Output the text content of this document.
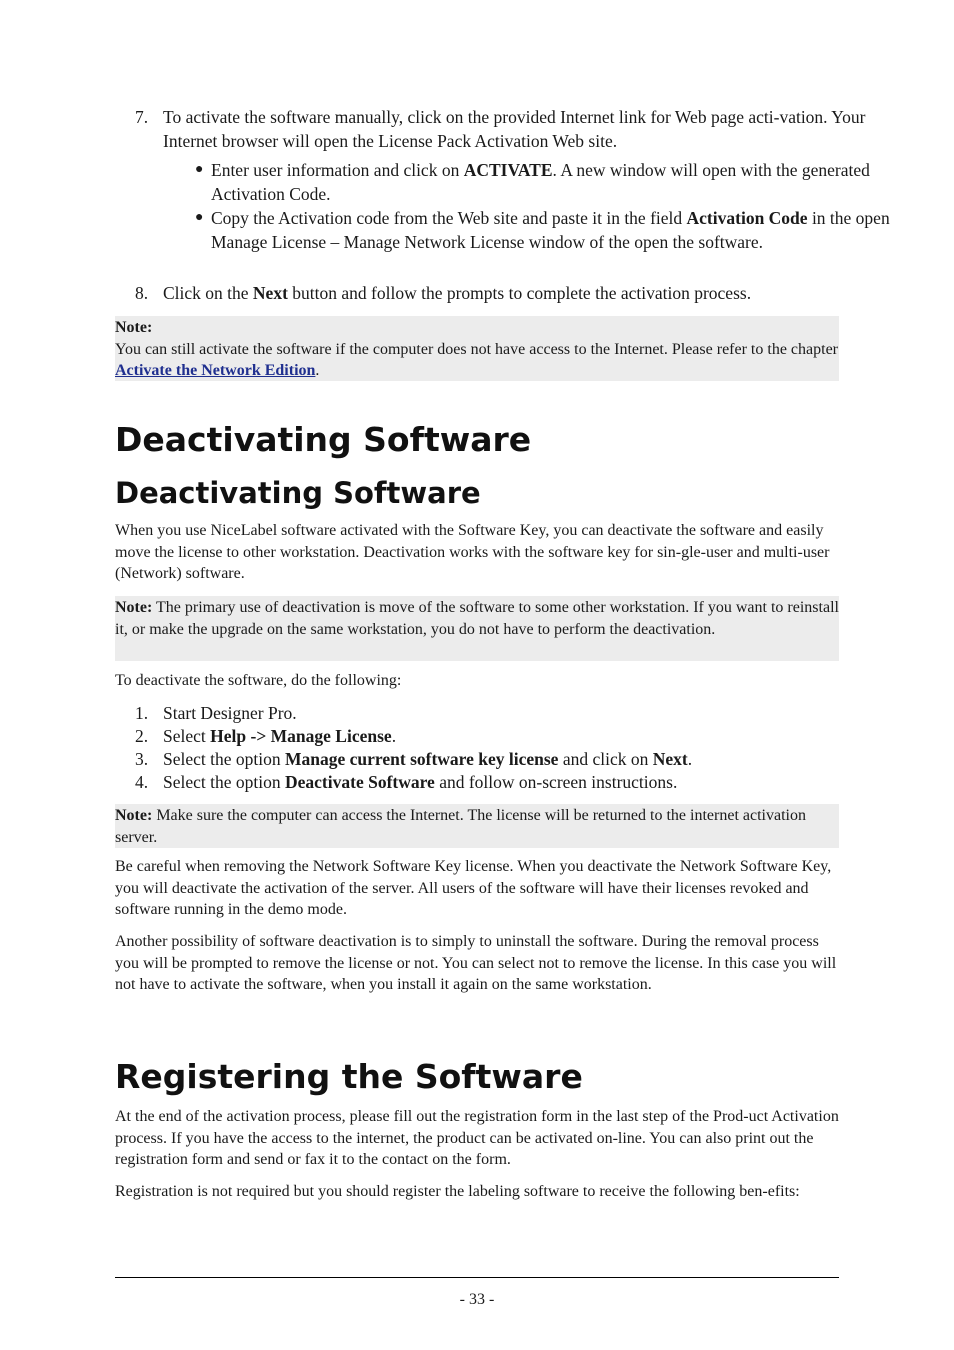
7. To activate the software manually, click on the provided Internet link for Web page acti-vation. Your Internet browser will open the License Pack Activation Web site.
● Enter user information and click on ACTIVATE. A new window will open with the generated Activation Code.
● Copy the Activation code from the Web site and paste it in the field Activation Code in the open Manage License – Manage Network License window of the open the software.
8. Click on the Next button and follow the prompts to complete the activation process.
Note:
You can still activate the software if the computer does not have access to the Internet. Please refer to the chapter Activate the Network Edition.
Deactivating Software
Deactivating Software
When you use NiceLabel software activated with the Software Key, you can deactivate the software and easily move the license to other workstation. Deactivation works with the software key for sin-gle-user and multi-user (Network) software.
Note: The primary use of deactivation is move of the software to some other workstation. If you want to reinstall it, or make the upgrade on the same workstation, you do not have to perform the deactivation.
To deactivate the software, do the following:
1. Start Designer Pro.
2. Select Help -> Manage License.
3. Select the option Manage current software key license and click on Next.
4. Select the option Deactivate Software and follow on-screen instructions.
Note: Make sure the computer can access the Internet. The license will be returned to the internet activation server.
Be careful when removing the Network Software Key license. When you deactivate the Network Software Key, you will deactivate the activation of the server. All users of the software will have their licenses revoked and software running in the demo mode.
Another possibility of software deactivation is to simply to uninstall the software. During the removal process you will be prompted to remove the license or not. You can select not to remove the license. In this case you will not have to activate the software, when you install it again on the same workstation.
Registering the Software
At the end of the activation process, please fill out the registration form in the last step of the Prod-uct Activation process. If you have the access to the internet, the product can be activated on-line. You can also print out the registration form and send or fax it to the contact on the form.
Registration is not required but you should register the labeling software to receive the following ben-efits:
- 33 -
